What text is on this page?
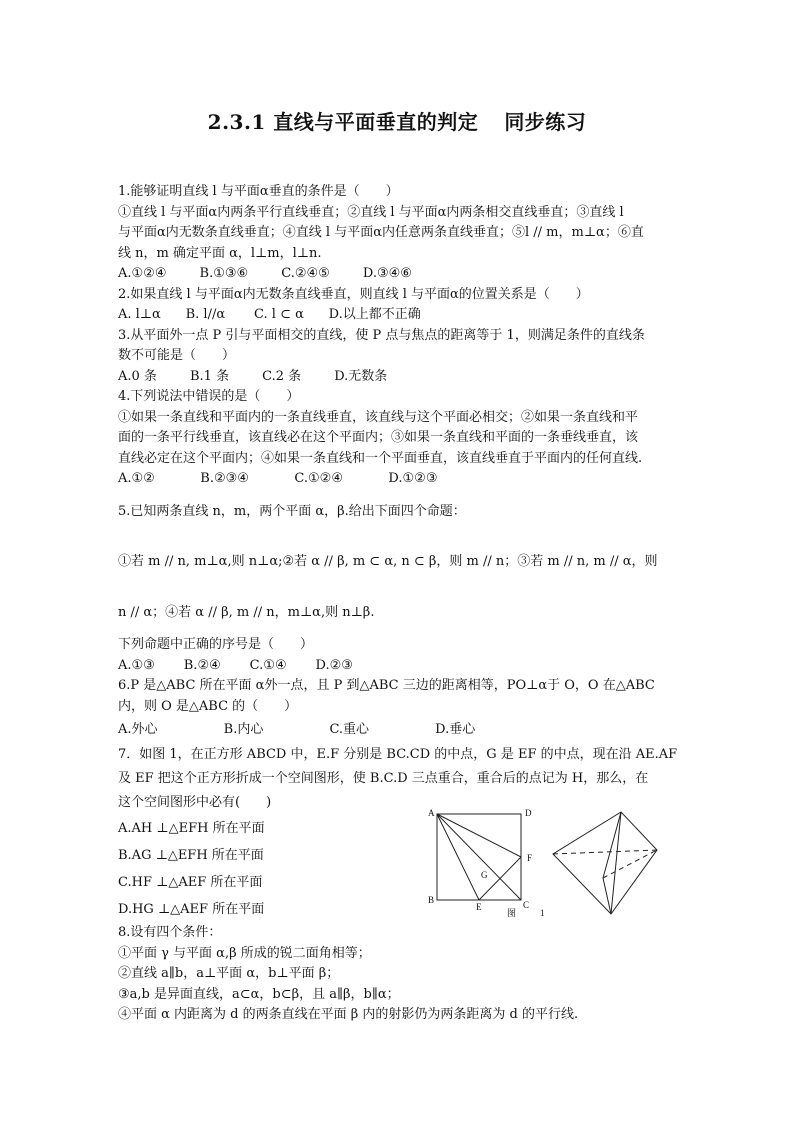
2.3.1 直线与平面垂直的判定 同步练习
1.能够证明直线 l 与平面α垂直的条件是（　　）
①直线 l 与平面α内两条平行直线垂直；②直线 l 与平面α内两条相交直线垂直；③直线 l
与平面α内无数条直线垂直；④直线 l 与平面α内任意两条直线垂直；⑤l // m，m⊥α；⑥直
线 n，m 确定平面 α，l⊥m，l⊥n.
A.①②④        B.①③⑥        C.②④⑤        D.③④⑥
2.如果直线 l 与平面α内无数条直线垂直，则直线 l 与平面α的位置关系是（　　）
A. l⊥α      B. l//α       C. l ⊂ α      D.以上都不正确
3.从平面外一点 P 引与平面相交的直线，使 P 点与焦点的距离等于 1，则满足条件的直线条
数不可能是（　　）
A.0 条        B.1 条        C.2 条        D.无数条
4.下列说法中错误的是（　　）
①如果一条直线和平面内的一条直线垂直，该直线与这个平面必相交；②如果一条直线和平
面的一条平行线垂直，该直线必在这个平面内；③如果一条直线和平面的一条垂线垂直，该
直线必定在这个平面内；④如果一条直线和一个平面垂直，该直线垂直于平面内的任何直线.
A.①②           B.②③④           C.①②④           D.①②③
5.已知两条直线 n，m，两个平面 α，β.给出下面四个命题：
①若 m // n, m⊥α,则 n⊥α;②若 α // β, m ⊂ α, n ⊂ β，则 m // n；③若 m // n, m // α，则
n // α；④若 α // β, m // n，m⊥α,则 n⊥β.
下列命题中正确的序号是（　　）
A.①③       B.②④       C.①④       D.②③
6.P 是△ABC 所在平面 α外一点，且 P 到△ABC 三边的距离相等，PO⊥α于 O，O 在△ABC
内，则 O 是△ABC 的（　　）
A.外心                B.内心                C.重心                D.垂心
7．如图 1，在正方形 ABCD 中，E.F 分别是 BC.CD 的中点，G 是 EF 的中点，现在沿 AE.AF
及 EF 把这个正方形折成一个空间图形，使 B.C.D 三点重合，重合后的点记为 H，那么，在
这个空间图形中必有(　　)
A.AH ⊥△EFH 所在平面
B.AG ⊥△EFH 所在平面
C.HF ⊥△AEF 所在平面
D.HG ⊥△AEF 所在平面
8.设有四个条件：
①平面 γ 与平面 α,β 所成的锐二面角相等；
②直线 a∥b，a⊥平面 α，b⊥平面 β；
③a,b 是异面直线，a⊂α，b⊂β，且 a∥β，b∥α；
④平面 α 内距离为 d 的两条直线在平面 β 内的射影仍为两条距离为 d 的平行线.
A	D
B	C
F
E
G
图	1
